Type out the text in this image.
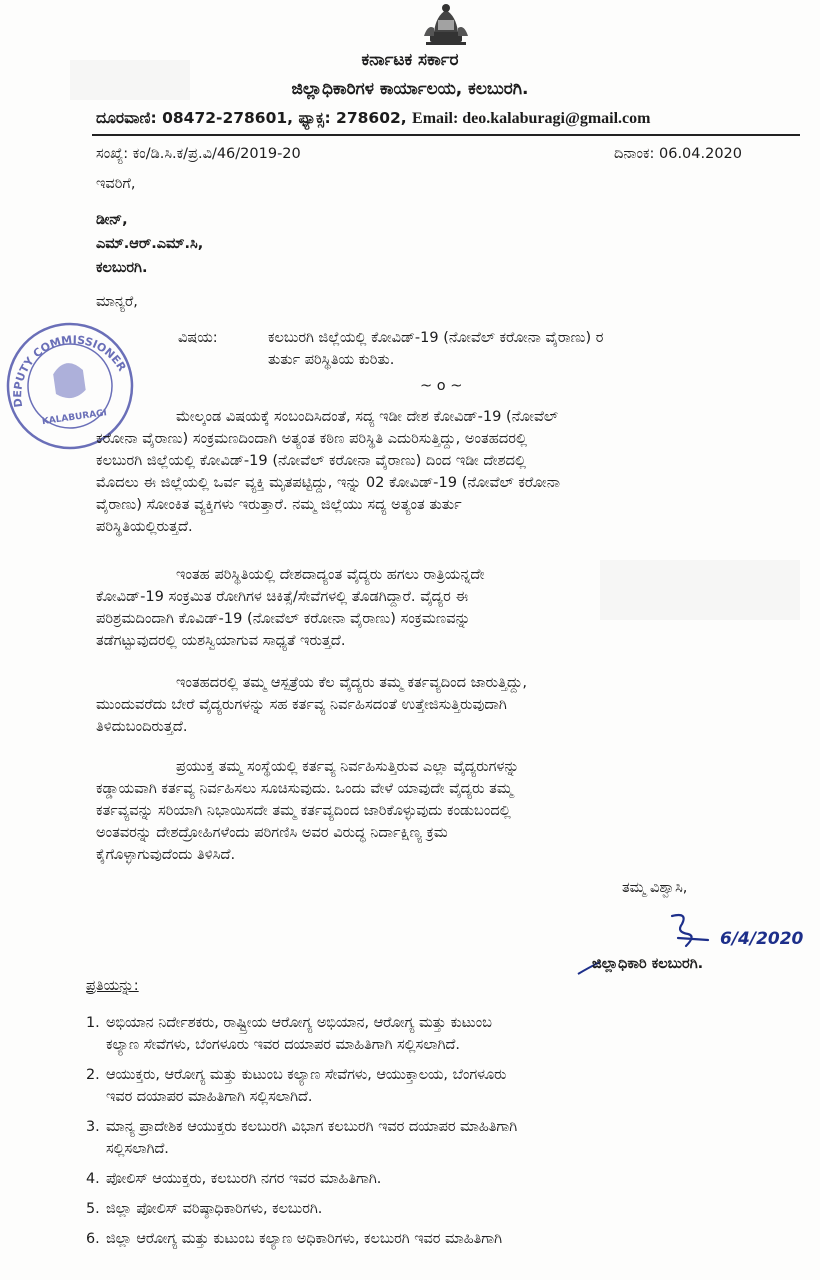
ಕರ್ನಾಟಕ ಸರ್ಕಾರ
ಜಿಲ್ಲಾಧಿಕಾರಿಗಳ ಕಾರ್ಯಾಲಯ, ಕಲಬುರಗಿ.
ದೂರವಾಣಿ: 08472-278601, ಫ್ಯಾಕ್ಸ: 278602, Email: deo.kalaburagi@gmail.com
ಸಂಖ್ಯೆ: ಕಂ/ಡಿ.ಸಿ.ಕ/ಪ್ರ.ವಿ/46/2019-20	ದಿನಾಂಕ: 06.04.2020
ಇವರಿಗೆ,
ಡೀನ್,
ಎಮ್.ಆರ್.ಎಮ್.ಸಿ,
ಕಲಬುರಗಿ.
ಮಾನ್ಯರೆ,
ವಿಷಯ:	ಕಲಬುರಗಿ ಜಿಲ್ಲೆಯಲ್ಲಿ ಕೋವಿಡ್-19 (ನೋವೆಲ್ ಕರೋನಾ ವೈರಾಣು) ರ
ತುರ್ತು ಪರಿಸ್ಥಿತಿಯ ಕುರಿತು.
~ o ~
DEPUTY COMMISSIONER
KALABURAGI	ಮೇಲ್ಕಂಡ ವಿಷಯಕ್ಕೆ ಸಂಬಂದಿಸಿದಂತೆ, ಸದ್ಯ ಇಡೀ ದೇಶ ಕೋವಿಡ್-19 (ನೋವೆಲ್
ಕರೋನಾ ವೈರಾಣು) ಸಂಕ್ರಮಣದಿಂದಾಗಿ ಅತ್ಯಂತ ಕಠಿಣ ಪರಿಸ್ಥಿತಿ ಎದುರಿಸುತ್ತಿದ್ದು, ಅಂತಹದರಲ್ಲಿ
ಕಲಬುರಗಿ ಜಿಲ್ಲೆಯಲ್ಲಿ ಕೋವಿಡ್-19 (ನೋವೆಲ್ ಕರೋನಾ ವೈರಾಣು) ದಿಂದ ಇಡೀ ದೇಶದಲ್ಲಿ
ಮೊದಲು ಈ ಜಿಲ್ಲೆಯಲ್ಲಿ ಒರ್ವ ವ್ಯಕ್ತಿ ಮೃತಪಟ್ಟಿದ್ದು, ಇನ್ನು 02 ಕೋವಿಡ್-19 (ನೋವೆಲ್ ಕರೋನಾ
ವೈರಾಣು) ಸೋಂಕಿತ ವ್ಯಕ್ತಿಗಳು ಇರುತ್ತಾರೆ. ನಮ್ಮ ಜಿಲ್ಲೆಯು ಸದ್ಯ ಅತ್ಯಂತ ತುರ್ತು
ಪರಿಸ್ಥಿತಿಯಲ್ಲಿರುತ್ತದೆ.
ಇಂತಹ ಪರಿಸ್ಥಿತಿಯಲ್ಲಿ ದೇಶದಾದ್ಯಂತ ವೈದ್ಯರು ಹಗಲು ರಾತ್ರಿಯನ್ನದೇ
ಕೋವಿಡ್-19 ಸಂಕ್ರಮಿತ ರೋಗಿಗಳ ಚಿಕಿತ್ಸೆ/ಸೇವೆಗಳಲ್ಲಿ ತೊಡಗಿದ್ದಾರೆ. ವೈದ್ಯರ ಈ
ಪರಿಶ್ರಮದಿಂದಾಗಿ ಕೊವಿಡ್-19 (ನೋವೆಲ್ ಕರೋನಾ ವೈರಾಣು) ಸಂಕ್ರಮಣವನ್ನು
ತಡೆಗಟ್ಟುವುದರಲ್ಲಿ ಯಶಸ್ವಿಯಾಗುವ ಸಾಧ್ಯತೆ ಇರುತ್ತದೆ.
ಇಂತಹದರಲ್ಲಿ ತಮ್ಮ ಆಸ್ಪತ್ರೆಯ ಕೆಲ ವೈದ್ಯರು ತಮ್ಮ ಕರ್ತವ್ಯದಿಂದ ಜಾರುತ್ತಿದ್ದು,
ಮುಂದುವರೆದು ಬೇರೆ ವೈದ್ಯರುಗಳನ್ನು ಸಹ ಕರ್ತವ್ಯ ನಿರ್ವಹಿಸದಂತೆ ಉತ್ತೇಜಿಸುತ್ತಿರುವುದಾಗಿ
ತಿಳಿದುಬಂದಿರುತ್ತದೆ.
ಪ್ರಯುಕ್ತ ತಮ್ಮ ಸಂಸ್ಥೆಯಲ್ಲಿ ಕರ್ತವ್ಯ ನಿರ್ವಹಿಸುತ್ತಿರುವ ಎಲ್ಲಾ ವೈದ್ಯರುಗಳನ್ನು
ಕಡ್ಡಾಯವಾಗಿ ಕರ್ತವ್ಯ ನಿರ್ವಹಿಸಲು ಸೂಚಿಸುವುದು. ಒಂದು ವೇಳೆ ಯಾವುದೇ ವೈದ್ಯರು ತಮ್ಮ
ಕರ್ತವ್ಯವನ್ನು ಸರಿಯಾಗಿ ನಿಭಾಯಿಸದೇ ತಮ್ಮ ಕರ್ತವ್ಯದಿಂದ ಜಾರಿಕೊಳ್ಳುವುದು ಕಂಡುಬಂದಲ್ಲಿ
ಅಂತವರನ್ನು ದೇಶದ್ರೋಹಿಗಳೆಂದು ಪರಿಗಣಿಸಿ ಅವರ ವಿರುದ್ಧ ನಿರ್ದಾಕ್ಷಿಣ್ಯ ಕ್ರಮ
ಕೈಗೊಳ್ಳಾಗುವುದೆಂದು ತಿಳಿಸಿದೆ.
ತಮ್ಮ ವಿಶ್ವಾಸಿ,
6/4/2020
ಜಿಲ್ಲಾಧಿಕಾರಿ ಕಲಬುರಗಿ.
ಪ್ರತಿಯನ್ನು:
1. ಅಭಿಯಾನ ನಿರ್ದೇಶಕರು, ರಾಷ್ಟ್ರೀಯ ಆರೋಗ್ಯ ಅಭಿಯಾನ, ಆರೋಗ್ಯ ಮತ್ತು ಕುಟುಂಬ
ಕಲ್ಯಾಣ ಸೇವೆಗಳು, ಬೆಂಗಳೂರು ಇವರ ದಯಾಪರ ಮಾಹಿತಿಗಾಗಿ ಸಲ್ಲಿಸಲಾಗಿದೆ.
2. ಆಯುಕ್ತರು, ಆರೋಗ್ಯ ಮತ್ತು ಕುಟುಂಬ ಕಲ್ಯಾಣ ಸೇವೆಗಳು, ಆಯುಕ್ತಾಲಯ, ಬೆಂಗಳೂರು
ಇವರ ದಯಾಪರ ಮಾಹಿತಿಗಾಗಿ ಸಲ್ಲಿಸಲಾಗಿದೆ.
3. ಮಾನ್ಯ ಪ್ರಾದೇಶಿಕ ಆಯುಕ್ತರು ಕಲಬುರಗಿ ವಿಭಾಗ ಕಲಬುರಗಿ ಇವರ ದಯಾಪರ ಮಾಹಿತಿಗಾಗಿ
ಸಲ್ಲಿಸಲಾಗಿದೆ.
4. ಪೋಲಿಸ್ ಆಯುಕ್ತರು, ಕಲಬುರಗಿ ನಗರ ಇವರ ಮಾಹಿತಿಗಾಗಿ.
5. ಜಿಲ್ಲಾ ಪೋಲಿಸ್ ವರಿಷ್ಠಾಧಿಕಾರಿಗಳು, ಕಲಬುರಗಿ.
6. ಜಿಲ್ಲಾ ಆರೋಗ್ಯ ಮತ್ತು ಕುಟುಂಬ ಕಲ್ಯಾಣ ಅಧಿಕಾರಿಗಳು, ಕಲಬುರಗಿ ಇವರ ಮಾಹಿತಿಗಾಗಿ
